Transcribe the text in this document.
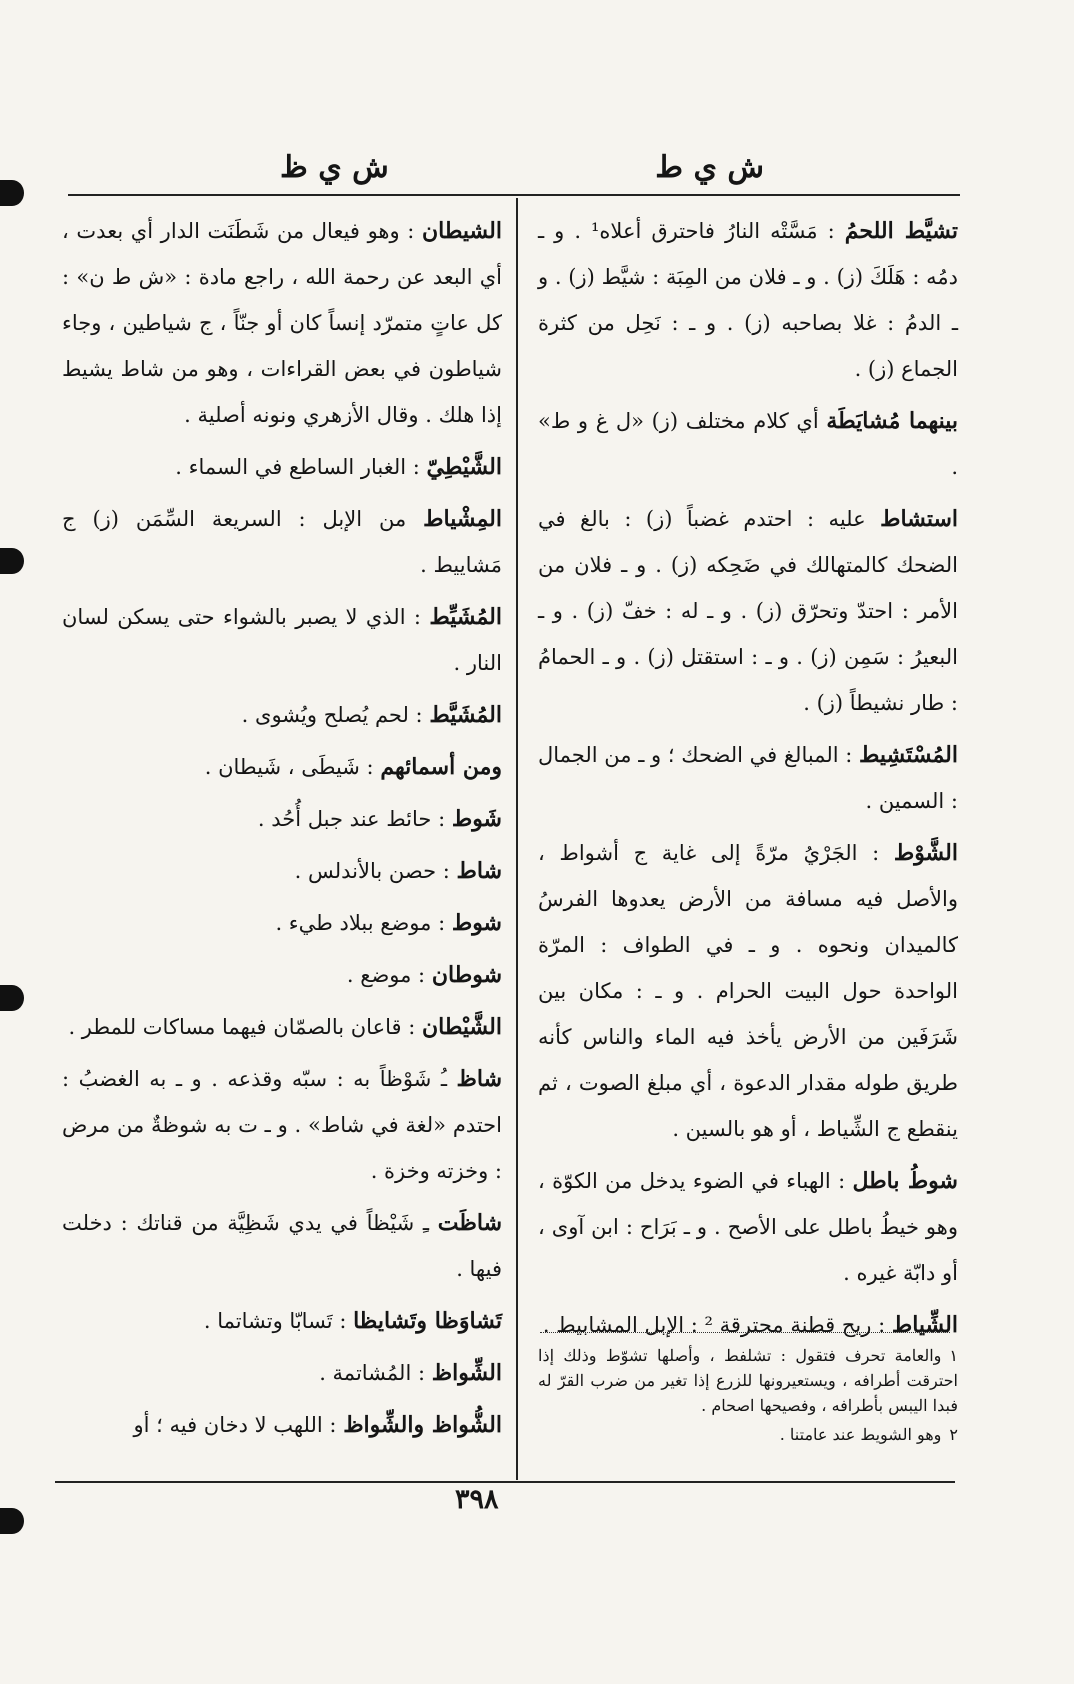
ش ي ط
ش ي ظ

تشيَّط اللحمُ : مَسَّتْه النارُ فاحترق أعلاه¹ . و ـ دمُه : هَلَكَ (ز) . و ـ فلان من المِبَة : شيَّط (ز) . و ـ الدمُ : غلا بصاحبه (ز) . و ـ : نَحِل من كثرة الجماع (ز) .

بينهما مُشايَطَة أي كلام مختلف (ز) «ل غ و ط» .

استشاط عليه : احتدم غضباً (ز) : بالغ في الضحك كالمتهالك في ضَحِكه (ز) . و ـ فلان من الأمر : احتدّ وتحرّق (ز) . و ـ له : خفّ (ز) . و ـ البعيرُ : سَمِن (ز) . و ـ : استقتل (ز) . و ـ الحمامُ : طار نشيطاً (ز) .

المُسْتَشِيط : المبالغ في الضحك ؛ و ـ من الجمال : السمين .

الشَّوْط : الجَرْيُ مرّةً إلى غاية ج أشواط ، والأصل فيه مسافة من الأرض يعدوها الفرسُ كالميدان ونحوه . و ـ في الطواف : المرّة الواحدة حول البيت الحرام . و ـ : مكان بين شَرَفَين من الأرض يأخذ فيه الماء والناس كأنه طريق طوله مقدار الدعوة ، أي مبلغ الصوت ، ثم ينقطع ج الشِّياط ، أو هو بالسين .

شوطُ باطل : الهباء في الضوء يدخل من الكوّة ، وهو خيطُ باطل على الأصح . و ـ بَرَاح : ابن آوى ، أو دابّة غيره .

الشِّياط : ريح قطنة محترقة ² : الإبل المشابيط .

الشيطان : وهو فيعال من شَطَنَت الدار أي بعدت ، أي البعد عن رحمة الله ، راجع مادة : «ش ط ن» : كل عاتٍ متمرّد إنساً كان أو جنّاً ، ج شياطين ، وجاء شياطون في بعض القراءات ، وهو من شاط يشيط إذا هلك . وقال الأزهري ونونه أصلية .

الشَّيْطِيّ : الغبار الساطع في السماء .

المِشْياط من الإبل : السريعة السِّمَن (ز) ج مَشاييط .

المُشَيِّط : الذي لا يصبر بالشواء حتى يسكن لسان النار .

المُشَيَّط : لحم يُصلح ويُشوى .

ومن أسمائهم : شَيطَى ، شَيطان .

شَوط : حائط عند جبل أُحُد .

شاط : حصن بالأندلس .

شوط : موضع ببلاد طيء .

شوطان : موضع .

الشَّيْطان : قاعان بالصمّان فيهما مساكات للمطر .

شاظ ـُ شَوْظاً به : سبّه وقذعه . و ـ به الغضبُ : احتدم «لغة في شاط» . و ـ ت به شوظةٌ من مرض : وخزته وخزة .

شاظَت ـِ شَيْظاً في يدي شَظِيَّة من قناتك : دخلت فيها .

تَشاوَظا وتَشايظا : تَسابّا وتشاتما .

الشِّواظ : المُشاتمة .

الشُّواظ والشِّواظ : اللهب لا دخان فيه ؛ أو

١والعامة تحرف فتقول : تشلفط ، وأصلها تشوّط وذلك إذا احترقت أطرافه ، ويستعيرونها للزرع إذا تغير من ضرب القرّ له فبدا اليبس بأطرافه ، وفصيحها اصحام .

٢وهو الشويط عند عامتنا .

٣٩٨
